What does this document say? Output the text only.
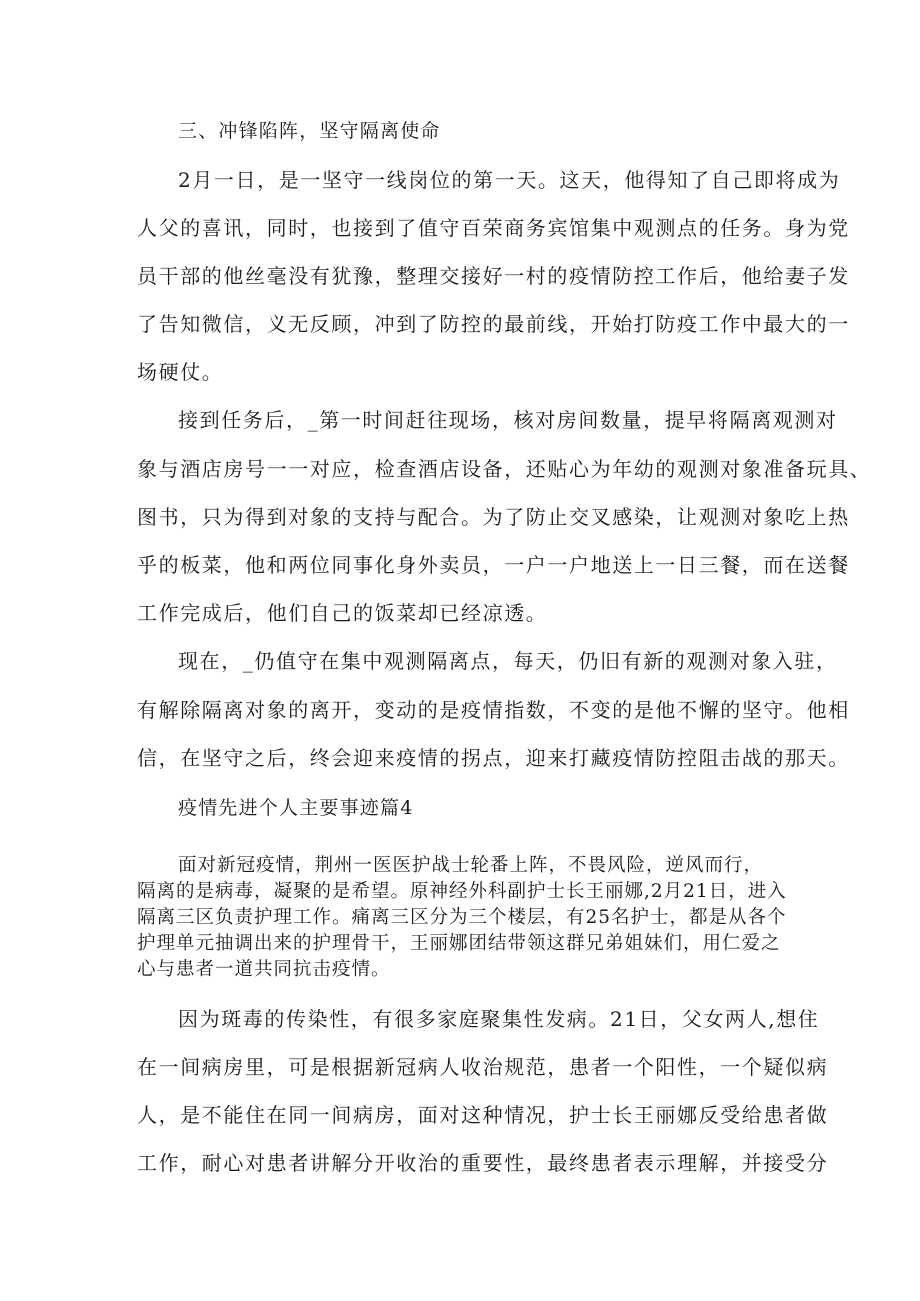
三、冲锋陷阵，坚守隔离使命
2月一日，是一坚守一线岗位的第一天。这天，他得知了自己即将成为
人父的喜讯，同时，也接到了值守百荣商务宾馆集中观测点的任务。身为党
员干部的他丝毫没有犹豫，整理交接好一村的疫情防控工作后，他给妻子发
了告知微信，义无反顾，冲到了防控的最前线，开始打防疫工作中最大的一
场硬仗。
接到任务后，_第一时间赶往现场，核对房间数量，提早将隔离观测对
象与酒店房号一一对应，检查酒店设备，还贴心为年幼的观测对象准备玩具、
图书，只为得到对象的支持与配合。为了防止交叉感染，让观测对象吃上热
乎的板菜，他和两位同事化身外卖员，一户一户地送上一日三餐，而在送餐
工作完成后，他们自己的饭菜却已经凉透。
现在，_仍值守在集中观测隔离点，每天，仍旧有新的观测对象入驻，
有解除隔离对象的离开，变动的是疫情指数，不变的是他不懈的坚守。他相
信，在坚守之后，终会迎来疫情的拐点，迎来打藏疫情防控阻击战的那天。
疫情先进个人主要事迹篇4
面对新冠疫情，荆州一医医护战士轮番上阵，不畏风险，逆风而行，
隔离的是病毒，凝聚的是希望。原神经外科副护士长王丽娜,2月21日，进入
隔离三区负责护理工作。痛离三区分为三个楼层，有25名护士，都是从各个
护理单元抽调出来的护理骨干，王丽娜团结带领这群兄弟姐妹们，用仁爱之
心与患者一道共同抗击疫情。
因为斑毒的传染性，有很多家庭聚集性发病。21日，父女两人,想住
在一间病房里，可是根据新冠病人收治规范，患者一个阳性，一个疑似病
人，是不能住在同一间病房，面对这种情况，护士长王丽娜反受给患者做
工作，耐心对患者讲解分开收治的重要性，最终患者表示理解，并接受分
